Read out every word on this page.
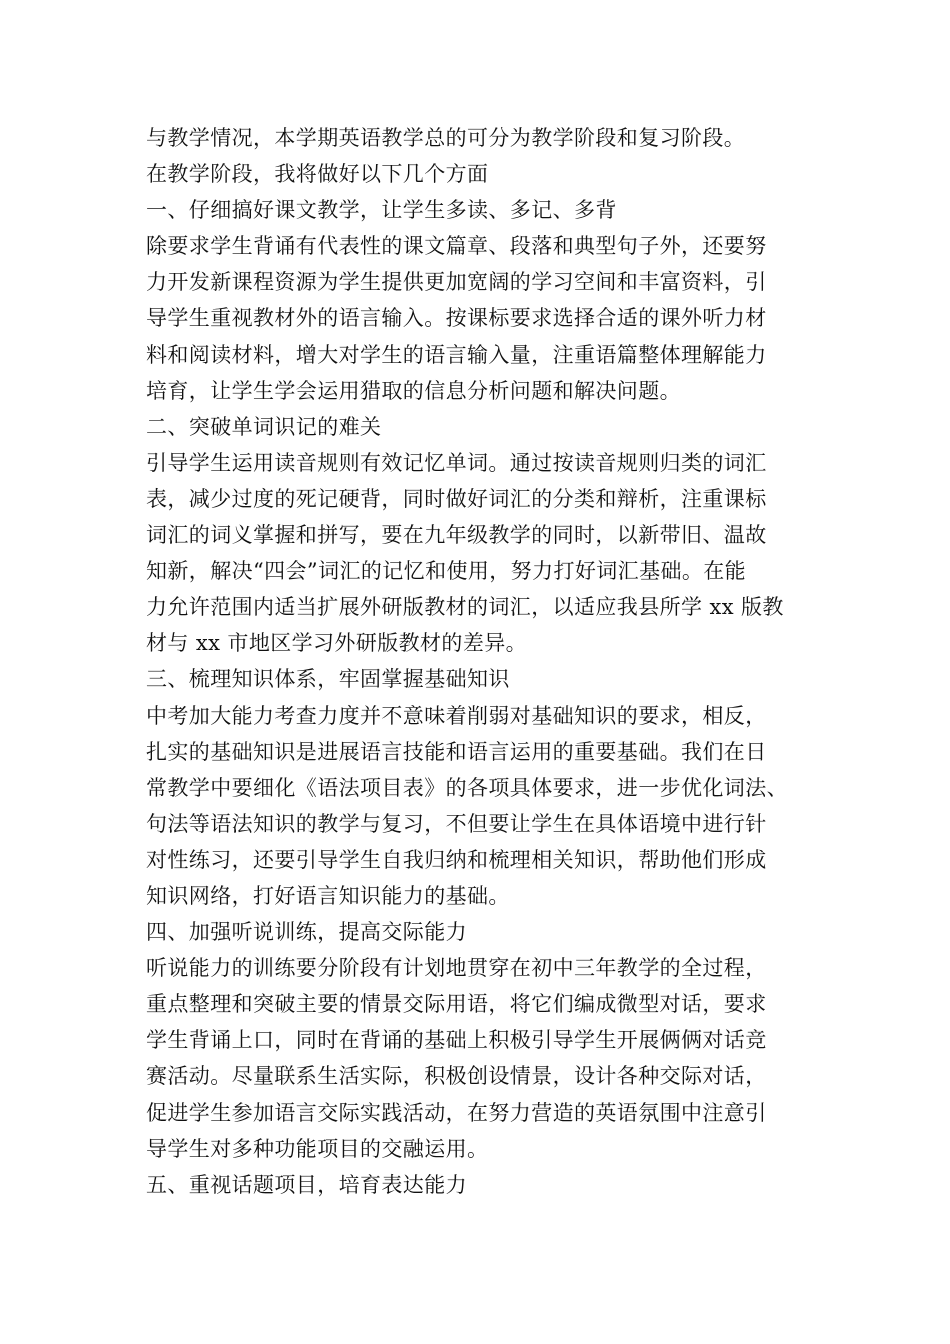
与教学情况，本学期英语教学总的可分为教学阶段和复习阶段。
在教学阶段，我将做好以下几个方面
一、仔细搞好课文教学，让学生多读、多记、多背
除要求学生背诵有代表性的课文篇章、段落和典型句子外，还要努
力开发新课程资源为学生提供更加宽阔的学习空间和丰富资料，引
导学生重视教材外的语言输入。按课标要求选择合适的课外听力材
料和阅读材料，增大对学生的语言输入量，注重语篇整体理解能力
培育，让学生学会运用猎取的信息分析问题和解决问题。
二、突破单词识记的难关
引导学生运用读音规则有效记忆单词。通过按读音规则归类的词汇
表，减少过度的死记硬背，同时做好词汇的分类和辩析，注重课标
词汇的词义掌握和拼写，要在九年级教学的同时，以新带旧、温故
知新，解决“四会”词汇的记忆和使用，努力打好词汇基础。在能
力允许范围内适当扩展外研版教材的词汇，以适应我县所学 xx 版教
材与 xx 市地区学习外研版教材的差异。
三、梳理知识体系，牢固掌握基础知识
中考加大能力考查力度并不意味着削弱对基础知识的要求，相反，
扎实的基础知识是进展语言技能和语言运用的重要基础。我们在日
常教学中要细化《语法项目表》的各项具体要求，进一步优化词法、
句法等语法知识的教学与复习，不但要让学生在具体语境中进行针
对性练习，还要引导学生自我归纳和梳理相关知识，帮助他们形成
知识网络，打好语言知识能力的基础。
四、加强听说训练，提高交际能力
听说能力的训练要分阶段有计划地贯穿在初中三年教学的全过程，
重点整理和突破主要的情景交际用语，将它们编成微型对话，要求
学生背诵上口，同时在背诵的基础上积极引导学生开展俩俩对话竞
赛活动。尽量联系生活实际，积极创设情景，设计各种交际对话，
促进学生参加语言交际实践活动，在努力营造的英语氛围中注意引
导学生对多种功能项目的交融运用。
五、重视话题项目，培育表达能力
